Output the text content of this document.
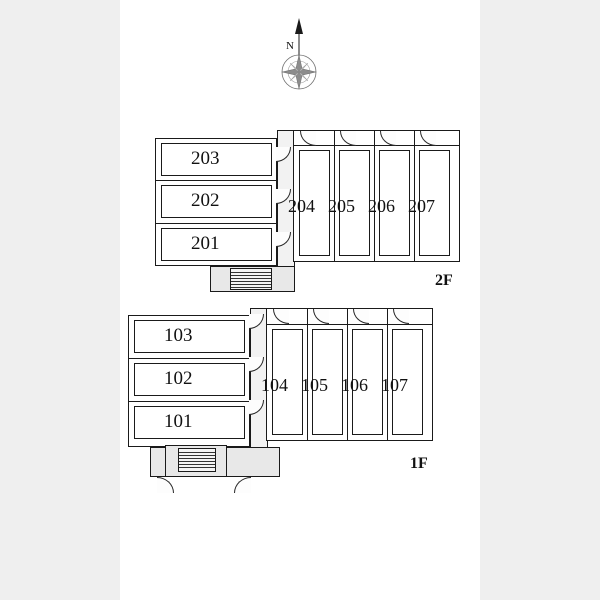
N
203
202
201
204 205 206 207
2F
103
102
101
104 105 106 107
1F
